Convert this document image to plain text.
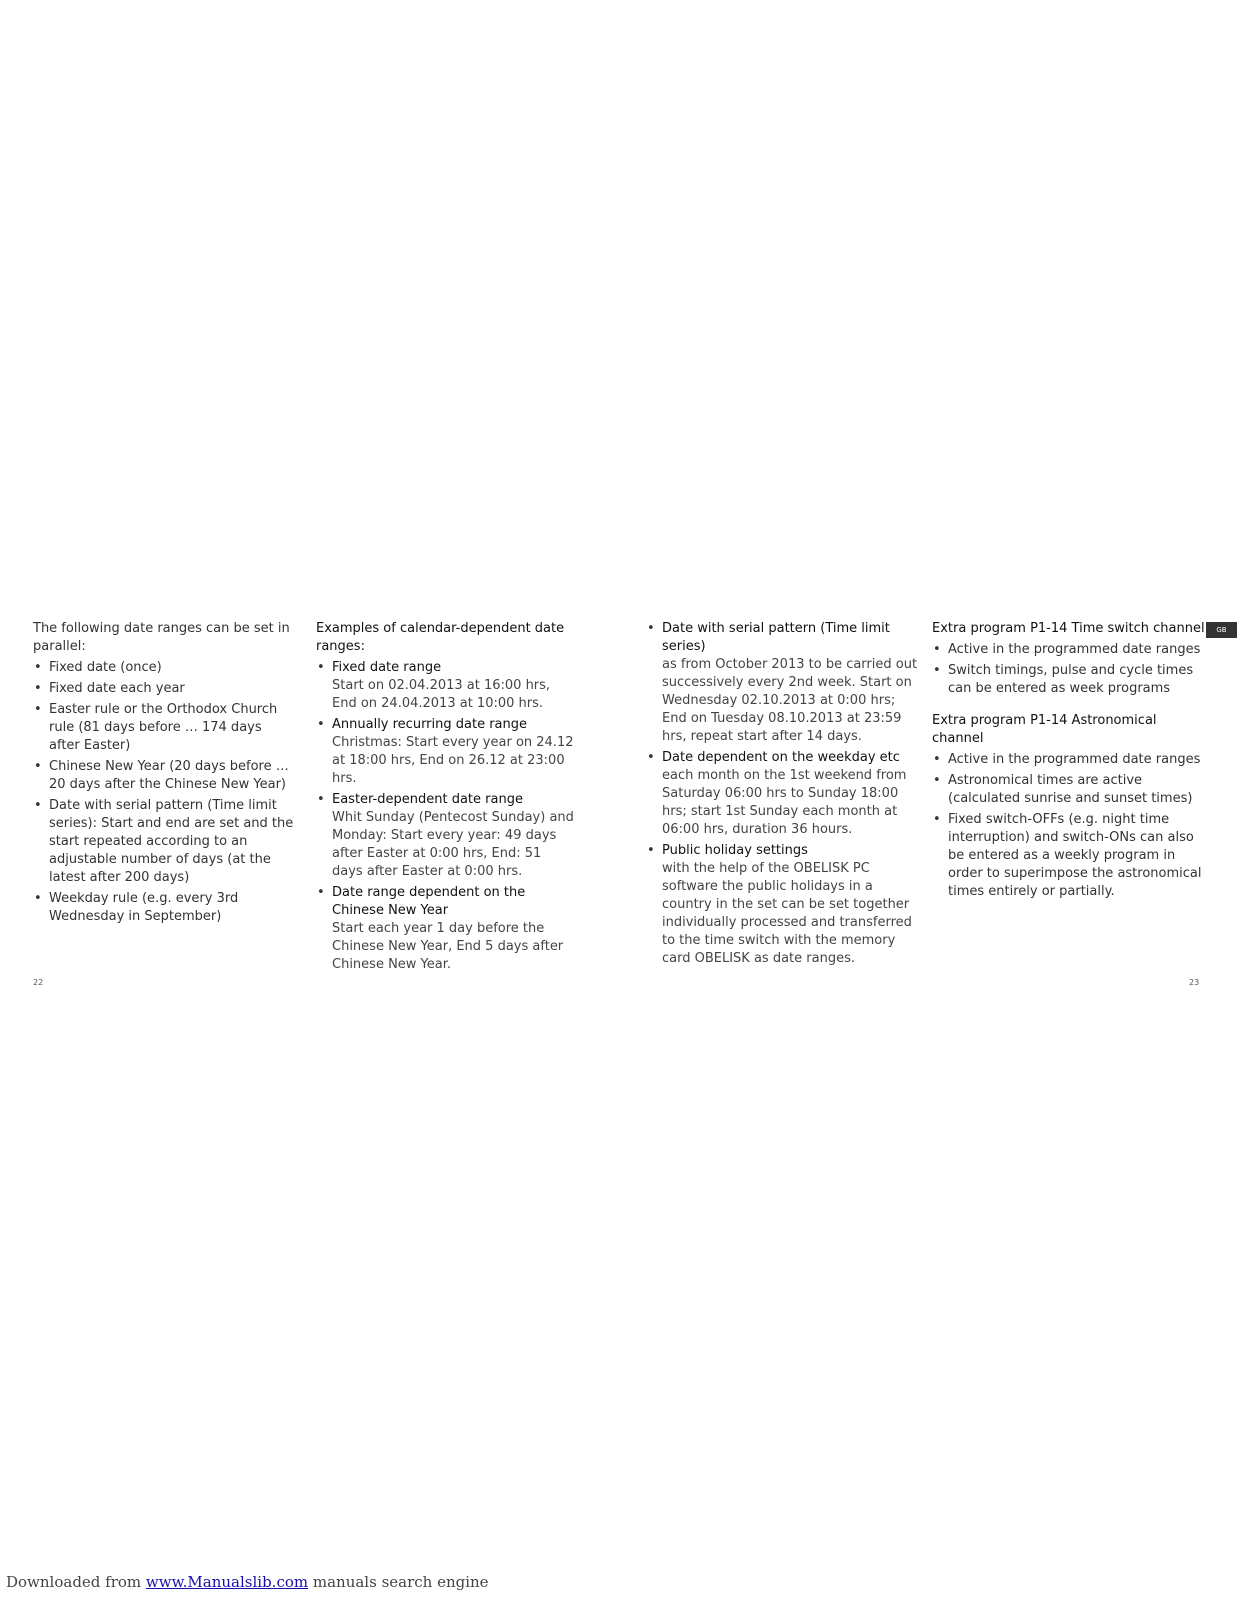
The following date ranges can be set in parallel:

• Fixed date (once)
• Fixed date each year
• Easter rule or the Orthodox Church rule (81 days before … 174 days after Easter)
• Chinese New Year (20 days before … 20 days after the Chinese New Year)
• Date with serial pattern (Time limit series): Start and end are set and the start repeated according to an adjustable number of days (at the latest after 200 days)
• Weekday rule (e.g. every 3rd Wednesday in September)

Examples of calendar-dependent date ranges:

• Fixed date range
Start on 02.04.2013 at 16:00 hrs, End on 24.04.2013 at 10:00 hrs.
• Annually recurring date range
Christmas: Start every year on 24.12 at 18:00 hrs, End on 26.12 at 23:00 hrs.
• Easter-dependent date range
Whit Sunday (Pentecost Sunday) and Monday: Start every year: 49 days after Easter at 0:00 hrs, End: 51 days after Easter at 0:00 hrs.
• Date range dependent on the Chinese New Year
Start each year 1 day before the Chinese New Year, End 5 days after Chinese New Year.
• Date with serial pattern (Time limit series)
as from October 2013 to be carried out successively every 2nd week. Start on Wednesday 02.10.2013 at 0:00 hrs; End on Tuesday 08.10.2013 at 23:59 hrs, repeat start after 14 days.
• Date dependent on the weekday etc
each month on the 1st weekend from Saturday 06:00 hrs to Sunday 18:00 hrs; start 1st Sunday each month at 06:00 hrs, duration 36 hours.
• Public holiday settings
with the help of the OBELISK PC software the public holidays in a country in the set can be set together individually processed and transferred to the time switch with the memory card OBELISK as date ranges.

Extra program P1-14 Time switch channel

• Active in the programmed date ranges
• Switch timings, pulse and cycle times can be entered as week programs

Extra program P1-14 Astronomical channel

• Active in the programmed date ranges
• Astronomical times are active (calculated sunrise and sunset times)
• Fixed switch-OFFs (e.g. night time interruption) and switch-ONs can also be entered as a weekly program in order to superimpose the astronomical times entirely or partially.
GB
22	23
Downloaded from www.Manualslib.com manuals search engine
